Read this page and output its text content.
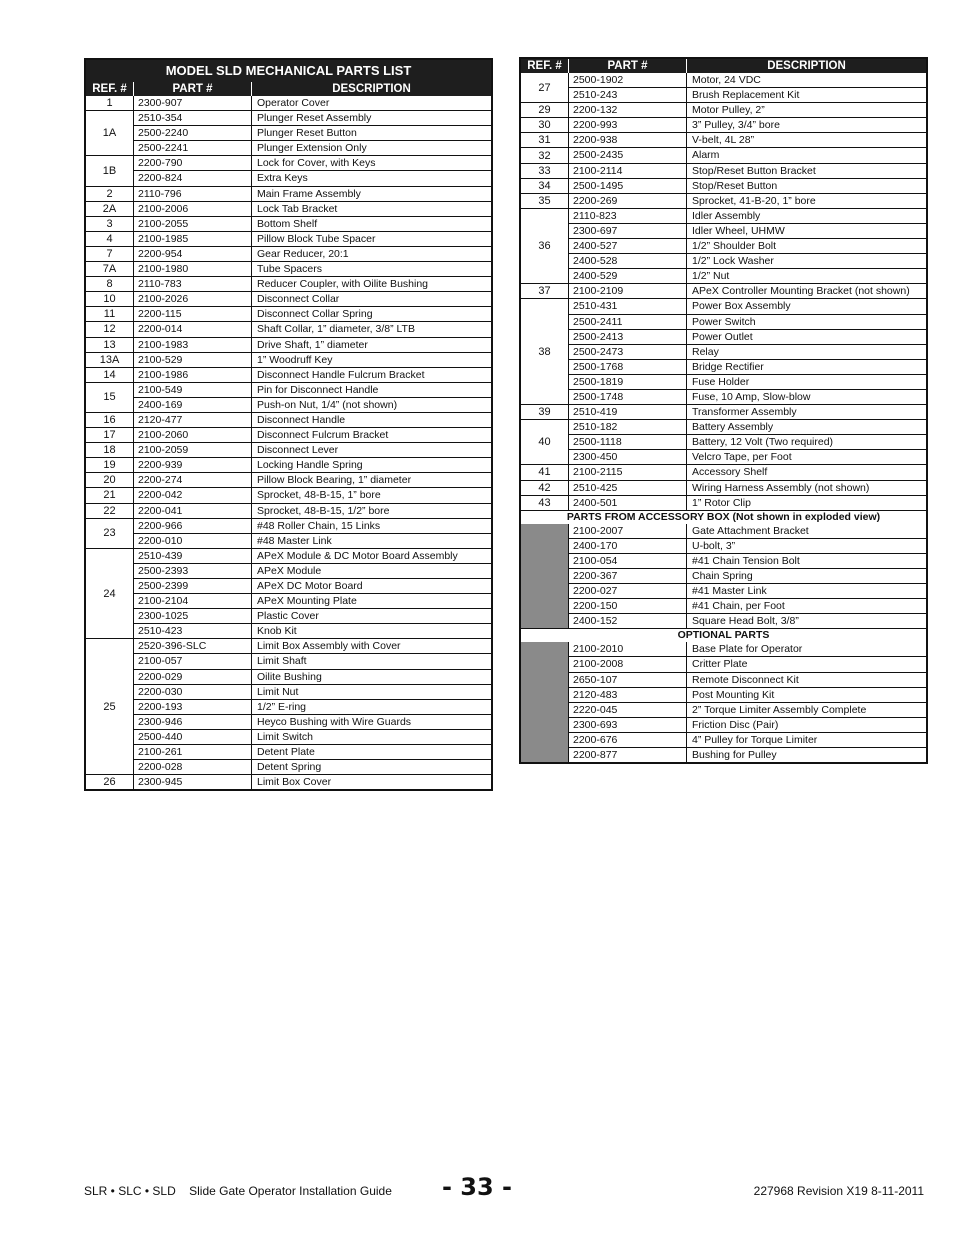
MODEL SLD MECHANICAL PARTS LIST
REF. #	PART #	DESCRIPTION
1	2300-907	Operator Cover
1A
2510-354	Plunger Reset Assembly
2500-2240	Plunger Reset Button
2500-2241	Plunger Extension Only
1B
2200-790	Lock for Cover, with Keys
2200-824	Extra Keys
2	2110-796	Main Frame Assembly
2A	2100-2006	Lock Tab Bracket
3	2100-2055	Bottom Shelf
4	2100-1985	Pillow Block Tube Spacer
7	2200-954	Gear Reducer, 20:1
7A	2100-1980	Tube Spacers
8	2110-783	Reducer Coupler, with Oilite Bushing
10	2100-2026	Disconnect Collar
11	2200-115	Disconnect Collar Spring
12	2200-014	Shaft Collar, 1” diameter, 3/8” LTB
13	2100-1983	Drive Shaft, 1” diameter
13A	2100-529	1” Woodruff Key
14	2100-1986	Disconnect Handle Fulcrum Bracket
15
2100-549	Pin for Disconnect Handle
2400-169	Push-on Nut, 1/4” (not shown)
16	2120-477	Disconnect Handle
17	2100-2060	Disconnect Fulcrum Bracket
18	2100-2059	Disconnect Lever
19	2200-939	Locking Handle Spring
20	2200-274	Pillow Block Bearing, 1” diameter
21	2200-042	Sprocket, 48-B-15, 1” bore
22	2200-041	Sprocket, 48-B-15, 1/2” bore
23
2200-966	#48 Roller Chain, 15 Links
2200-010	#48 Master Link
24
2510-439	APeX Module & DC Motor Board Assembly
2500-2393	APeX Module
2500-2399	APeX DC Motor Board
2100-2104	APeX Mounting Plate
2300-1025	Plastic Cover
2510-423	Knob Kit
25
2520-396-SLC	Limit Box Assembly with Cover
2100-057	Limit Shaft
2200-029	Oilite Bushing
2200-030	Limit Nut
2200-193	1/2” E-ring
2300-946	Heyco Bushing with Wire Guards
2500-440	Limit Switch
2100-261	Detent Plate
2200-028	Detent Spring
26	2300-945	Limit Box Cover
REF. #	PART #	DESCRIPTION
27
2500-1902	Motor, 24 VDC
2510-243	Brush Replacement Kit
29	2200-132	Motor Pulley, 2”
30	2200-993	3” Pulley, 3/4” bore
31	2200-938	V-belt, 4L 28”
32	2500-2435	Alarm
33	2100-2114	Stop/Reset Button Bracket
34	2500-1495	Stop/Reset Button
35	2200-269	Sprocket, 41-B-20, 1” bore
36
2110-823	Idler Assembly
2300-697	Idler Wheel, UHMW
2400-527	1/2” Shoulder Bolt
2400-528	1/2” Lock Washer
2400-529	1/2” Nut
37	2100-2109	APeX Controller Mounting Bracket (not shown)
38
2510-431	Power Box Assembly
2500-2411	Power Switch
2500-2413	Power Outlet
2500-2473	Relay
2500-1768	Bridge Rectifier
2500-1819	Fuse Holder
2500-1748	Fuse, 10 Amp, Slow-blow
39	2510-419	Transformer Assembly
40
2510-182	Battery Assembly
2500-1118	Battery, 12 Volt (Two required)
2300-450	Velcro Tape, per Foot
41	2100-2115	Accessory Shelf
42	2510-425	Wiring Harness Assembly (not shown)
43	2400-501	1” Rotor Clip
PARTS FROM ACCESSORY BOX (Not shown in exploded view)
2100-2007	Gate Attachment Bracket
2400-170	U-bolt, 3”
2100-054	#41 Chain Tension Bolt
2200-367	Chain Spring
2200-027	#41 Master Link
2200-150	#41 Chain, per Foot
2400-152	Square Head Bolt, 3/8”
OPTIONAL PARTS
2100-2010	Base Plate for Operator
2100-2008	Critter Plate
2650-107	Remote Disconnect Kit
2120-483	Post Mounting Kit
2220-045	2” Torque Limiter Assembly Complete
2300-693	Friction Disc (Pair)
2200-676	4” Pulley for Torque Limiter
2200-877	Bushing for Pulley
SLR • SLC • SLD    Slide Gate Operator Installation Guide	- 33 -	227968 Revision X19 8-11-2011
